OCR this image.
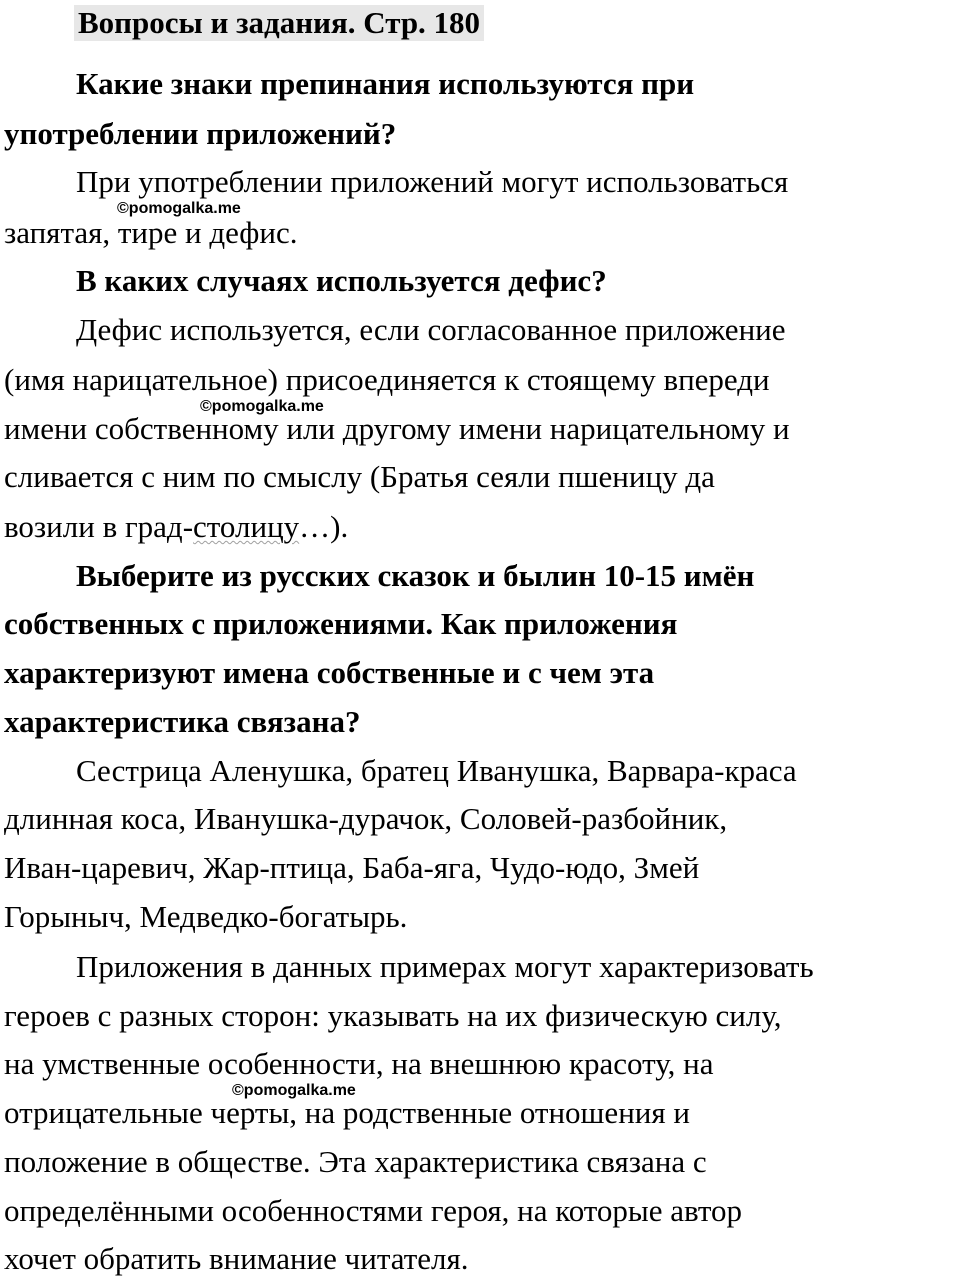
Вопросы и задания. Стр. 180
Какие знаки препинания используются при
употреблении приложений?
При употреблении приложений могут использоваться
запятая, тире и дефис.
©pomogalka.me
В каких случаях используется дефис?
Дефис используется, если согласованное приложение
(имя нарицательное) присоединяется к стоящему впереди
имени собственному или другому имени нарицательному и
сливается с ним по смыслу (Братья сеяли пшеницу да
возили в град-столицу…).
©pomogalka.me
Выберите из русских сказок и былин 10-15 имён
собственных с приложениями. Как приложения
характеризуют имена собственные и с чем эта
характеристика связана?
Сестрица Аленушка, братец Иванушка, Варвара-краса
длинная коса, Иванушка-дурачок, Соловей-разбойник,
Иван-царевич, Жар-птица, Баба-яга, Чудо-юдо, Змей
Горыныч, Медведко-богатырь.
Приложения в данных примерах могут характеризовать
героев с разных сторон: указывать на их физическую силу,
на умственные особенности, на внешнюю красоту, на
отрицательные черты, на родственные отношения и
положение в обществе. Эта характеристика связана с
определёнными особенностями героя, на которые автор
хочет обратить внимание читателя.
©pomogalka.me
